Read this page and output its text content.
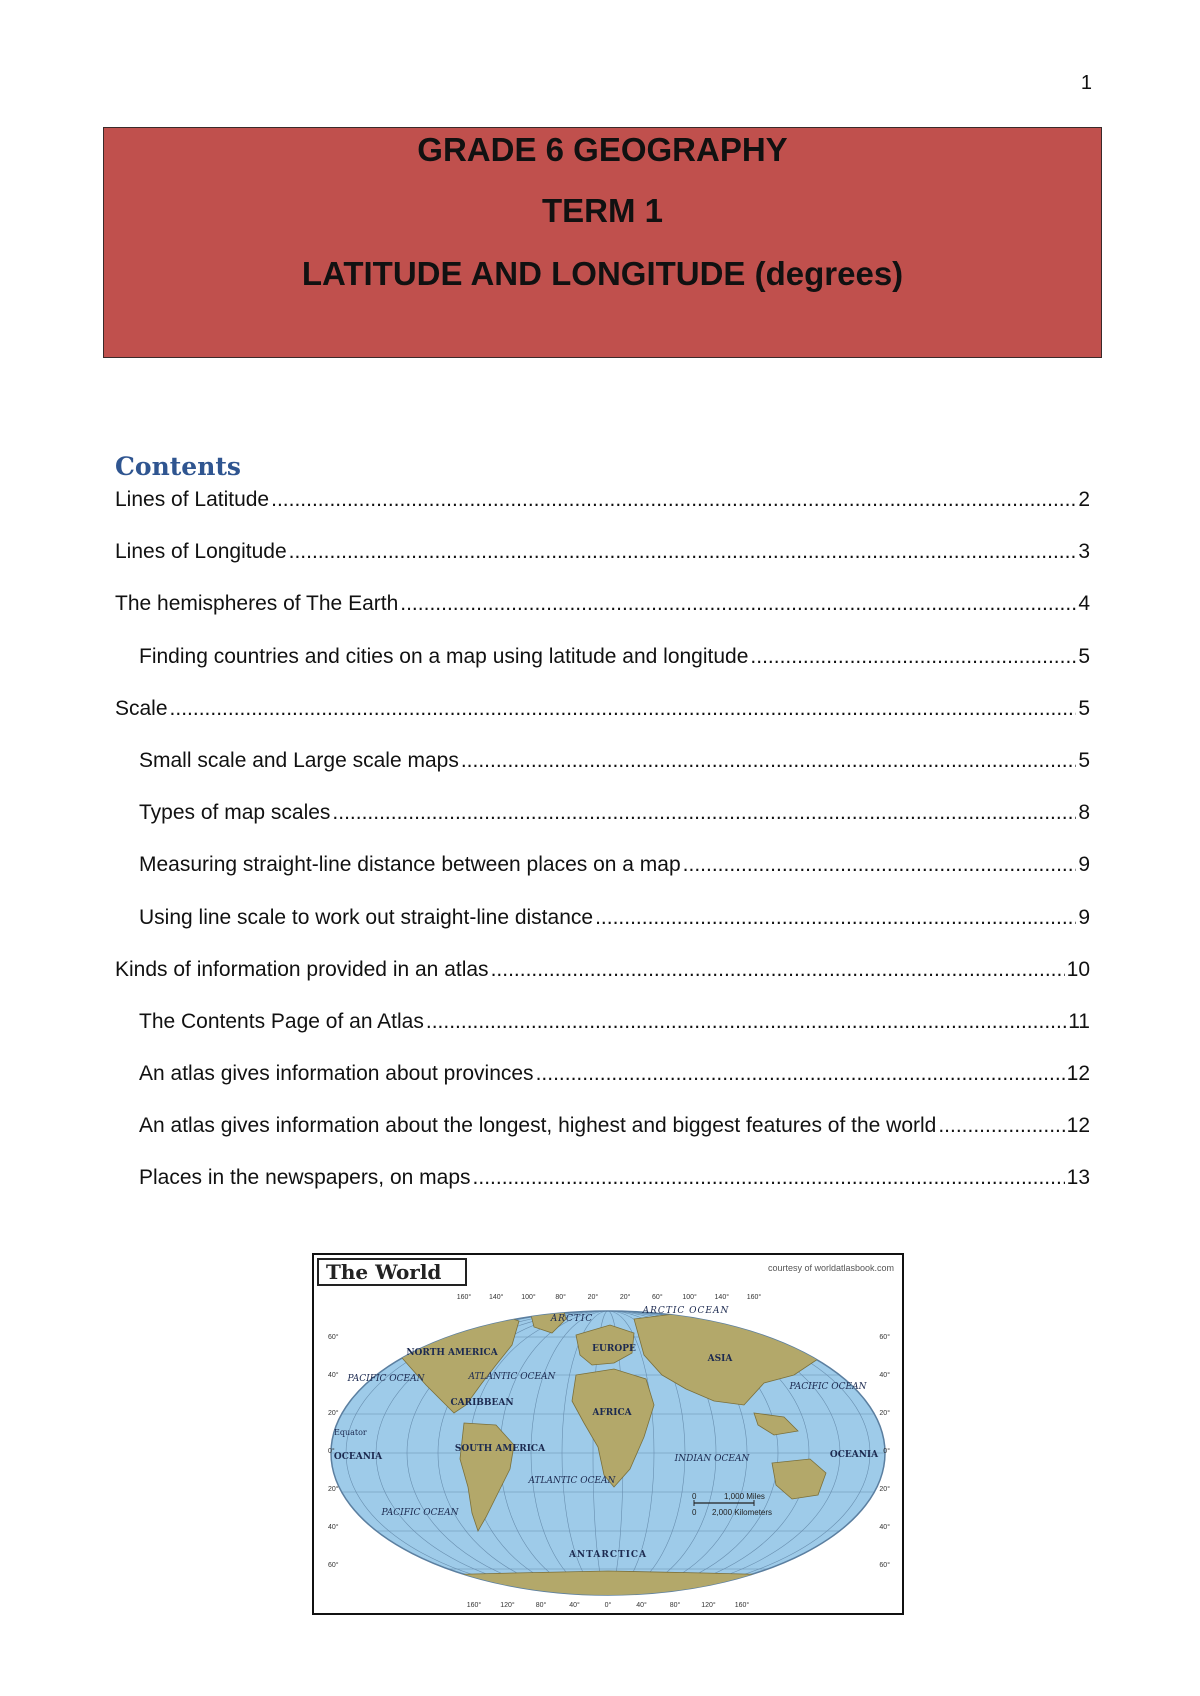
1
GRADE 6 GEOGRAPHY
TERM 1
LATITUDE AND LONGITUDE (degrees)
Contents
Lines of Latitude .....	2
Lines of Longitude .....	3
The hemispheres of The Earth .....	4
Finding countries and cities on a map using latitude and longitude .....	5
Scale .....	5
Small scale and Large scale maps .....	5
Types of map scales .....	8
Measuring straight-line distance between places on a map .....	9
Using line scale to work out straight-line distance .....	9
Kinds of information provided in an atlas .....	10
The Contents Page of an Atlas .....	11
An atlas gives information about provinces .....	12
An atlas gives information about the longest, highest and biggest features of the world .....	12
Places in the newspapers, on maps .....	13
The World	courtesy of worldatlasbook.com
ARCTIC
ARCTIC OCEAN
NORTH AMERICA
ATLANTIC OCEAN
EUROPE
ASIA
PACIFIC OCEAN
PACIFIC OCEAN
CARIBBEAN
AFRICA
Equator
SOUTH AMERICA
OCEANIA	OCEANIA
INDIAN OCEAN
ATLANTIC OCEAN
PACIFIC OCEAN
ANTARCTICA
0	1,000 Miles
0 2,000 Kilometers
160°	140°	100°	80°	20°	20°	60°	100°	140°	160°
160°	120°	80°	40°	0°	40°	80°	120°	160°
60°
40°
20°
0°
20°
40°
60°
60°
40°
20°
0°
20°
40°
60°
